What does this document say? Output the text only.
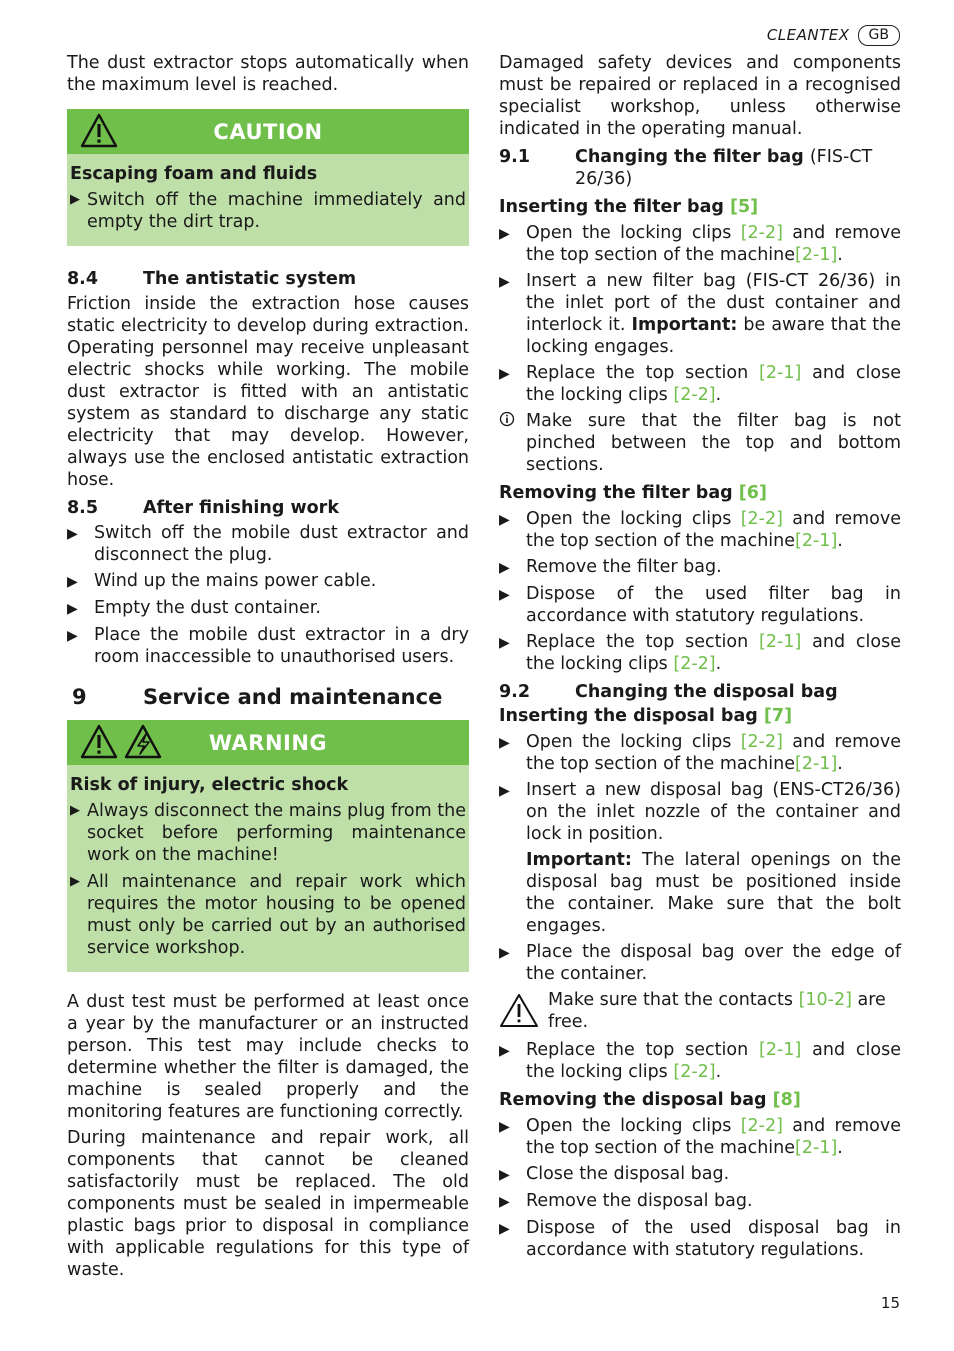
CLEANTEX	GB

The dust extractor stops automatically when the maximum level is reached.

CAUTION
Escaping foam and fluids
▶ Switch off the machine immediately and empty the dirt trap.
8.4	The antistatic system

Friction inside the extraction hose causes static electricity to develop during extraction. Operating personnel may receive unpleasant electric shocks while working. The mobile dust extractor is fitted with an antistatic system as standard to discharge any static electricity that may develop. However, always use the enclosed antistatic extraction hose.

8.5	After finishing work
▶ Switch off the mobile dust extractor and disconnect the plug.
▶ Wind up the mains power cable.
▶ Empty the dust container.
▶ Place the mobile dust extractor in a dry room inaccessible to unauthorised users.
9	Service and maintenance
WARNING
Risk of injury, electric shock
▶ Always disconnect the mains plug from the socket before performing maintenance work on the machine!
▶ All maintenance and repair work which requires the motor housing to be opened must only be carried out by an authorised service workshop.

A dust test must be performed at least once a year by the manufacturer or an instructed person. This test may include checks to determine whether the filter is damaged, the machine is sealed properly and the monitoring features are functioning correctly.

During maintenance and repair work, all components that cannot be cleaned satisfactorily must be replaced. The old components must be sealed in impermeable plastic bags prior to disposal in compliance with applicable regulations for this type of waste.

Damaged safety devices and components must be repaired or replaced in a recognised specialist workshop, unless otherwise indicated in the operating manual.

9.1	Changing the filter bag (FIS-CT 26/36)
Inserting the filter bag [5]
▶ Open the locking clips [2-2] and remove the top section of the machine[2-1].
▶ Insert a new filter bag (FIS-CT 26/36) in the inlet port of the dust container and interlock it. Important: be aware that the locking engages.
▶ Replace the top section [2-1] and close the locking clips [2-2].
Make sure that the filter bag is not pinched between the top and bottom sections.
Removing the filter bag [6]
▶ Open the locking clips [2-2] and remove the top section of the machine[2-1].
▶ Remove the filter bag.
▶ Dispose of the used filter bag in accordance with statutory regulations.
▶ Replace the top section [2-1] and close the locking clips [2-2].
9.2	Changing the disposal bag
Inserting the disposal bag [7]
▶ Open the locking clips [2-2] and remove the top section of the machine[2-1].
▶ Insert a new disposal bag (ENS-CT26/36) on the inlet nozzle of the container and lock in position.

Important: The lateral openings on the disposal bag must be positioned inside the container. Make sure that the bolt engages.

▶ Place the disposal bag over the edge of the container.
Make sure that the contacts [10-2] are free.
▶ Replace the top section [2-1] and close the locking clips [2-2].
Removing the disposal bag [8]
▶ Open the locking clips [2-2] and remove the top section of the machine[2-1].
▶ Close the disposal bag.
▶ Remove the disposal bag.
▶ Dispose of the used disposal bag in accordance with statutory regulations.
15
